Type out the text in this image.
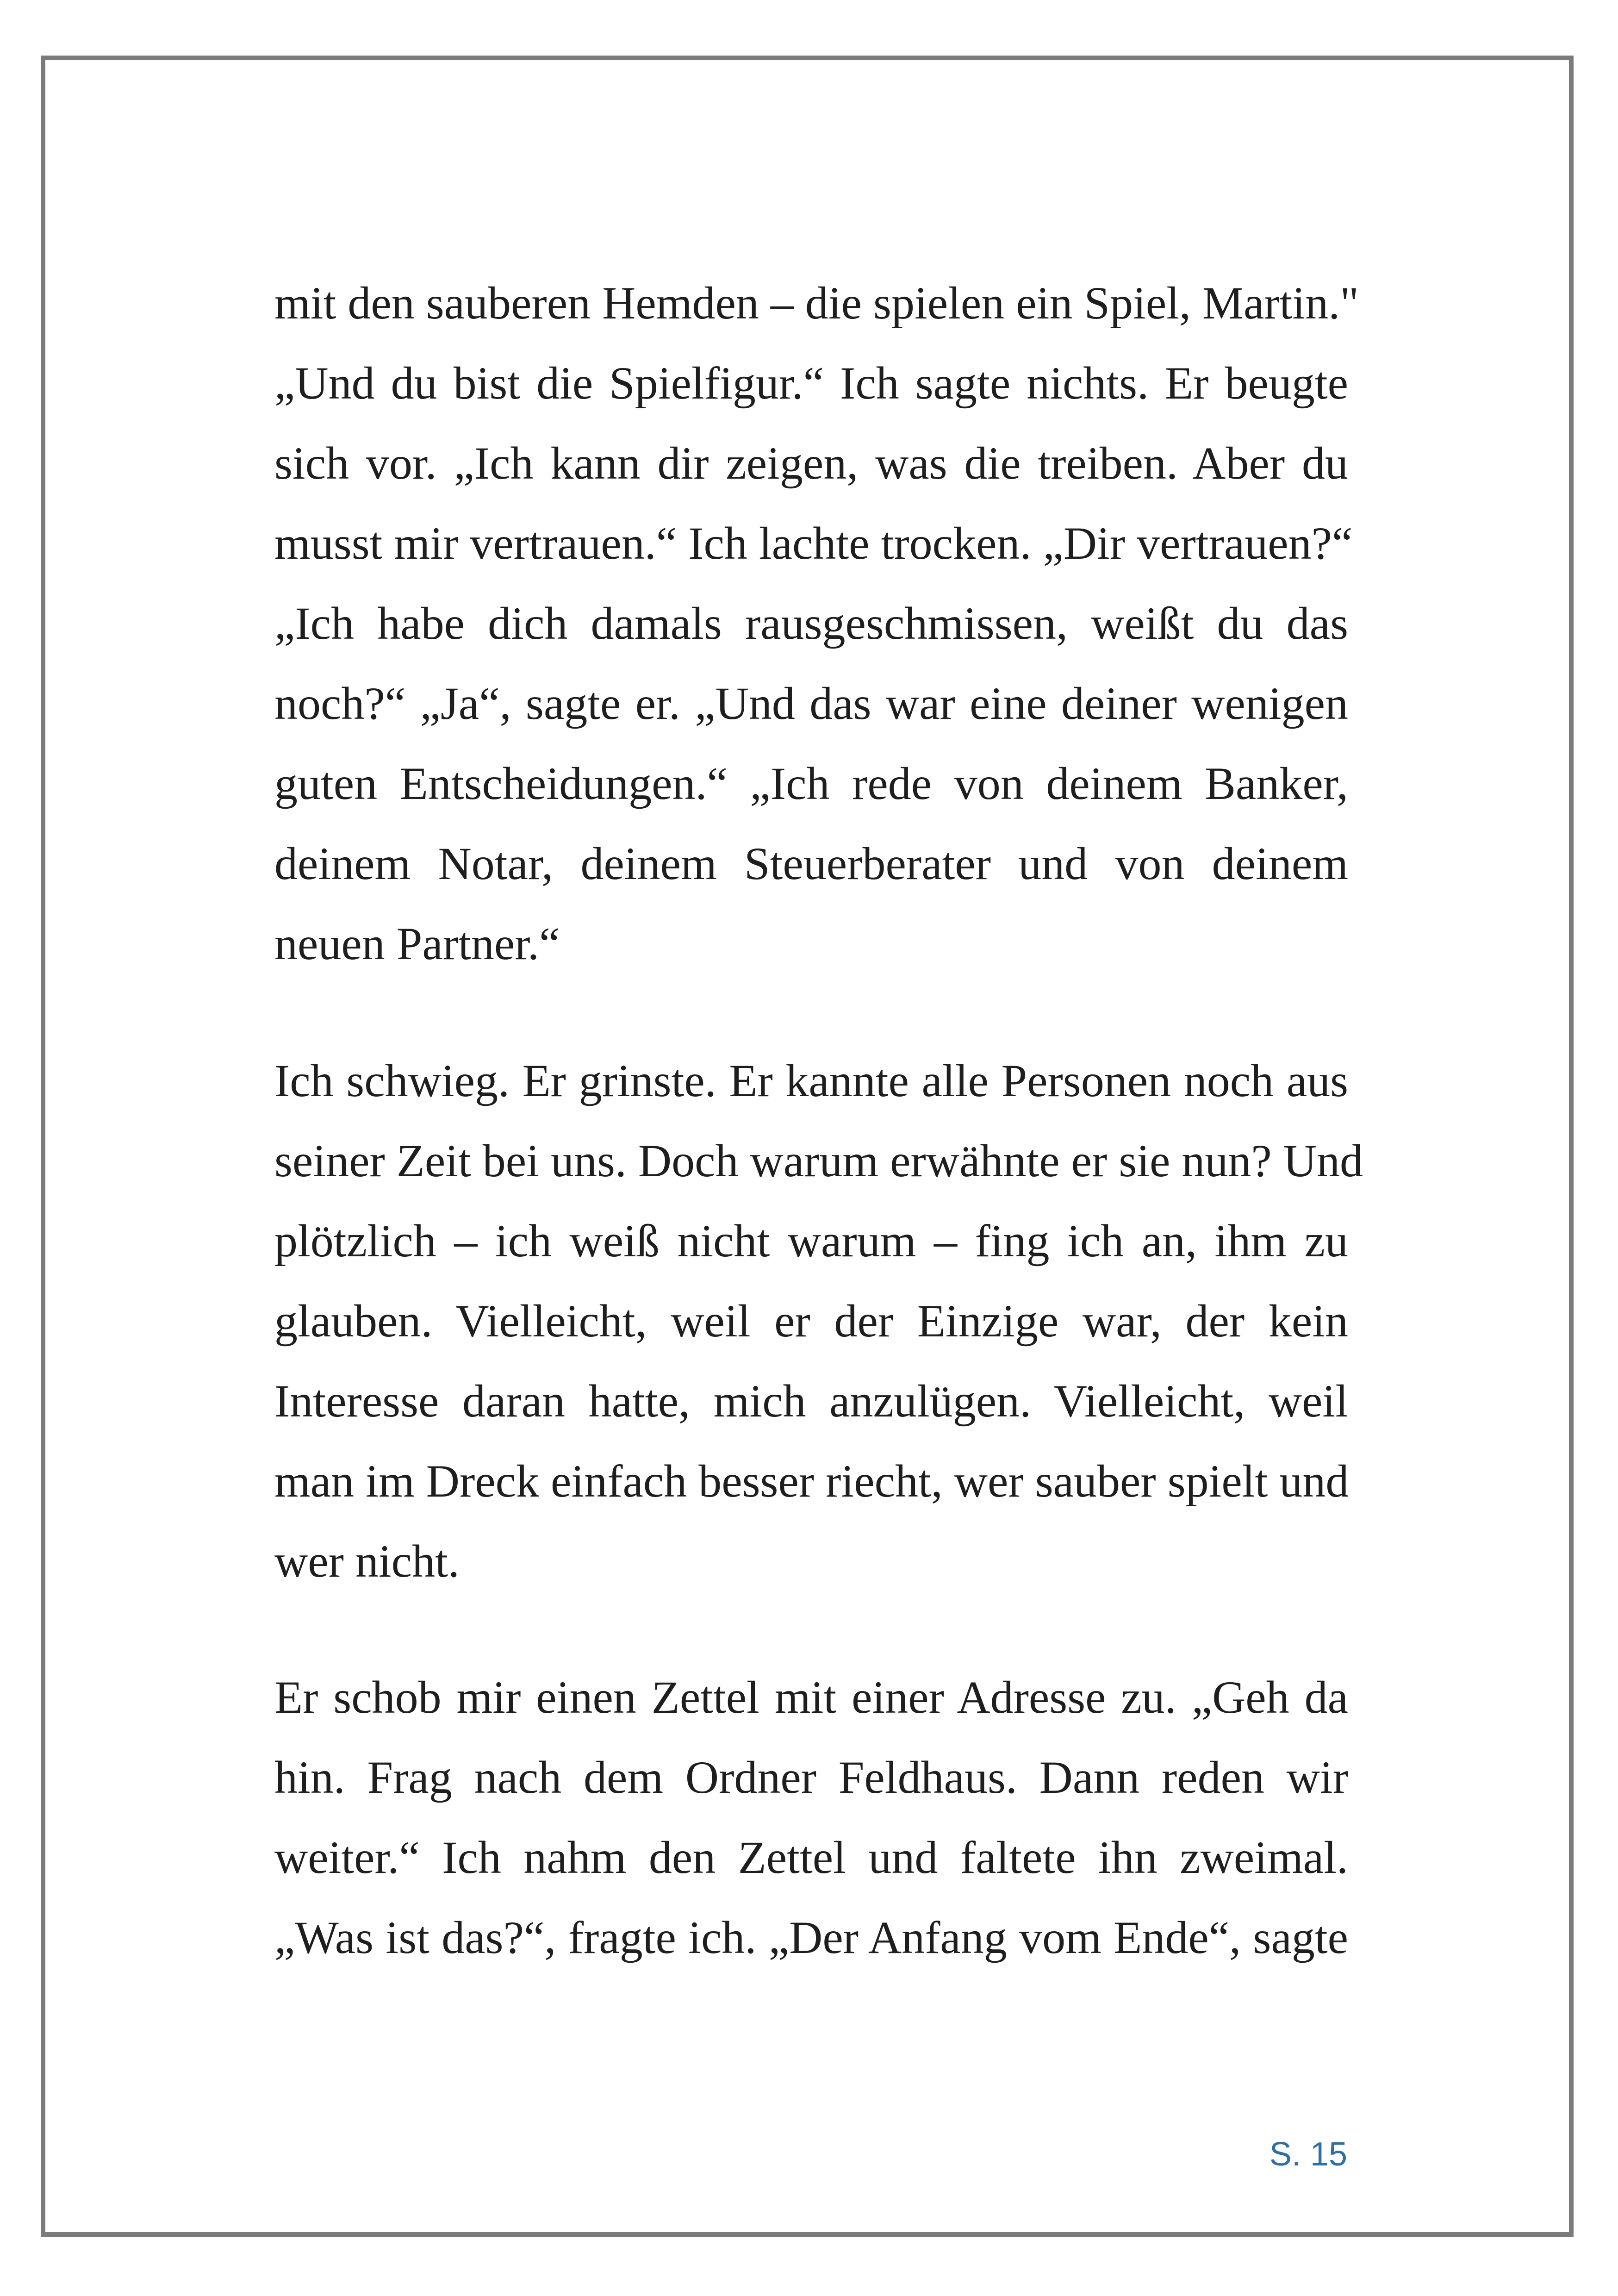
mit den sauberen Hemden – die spielen ein Spiel, Martin."
„Und du bist die Spielfigur.“ Ich sagte nichts. Er beugte
sich vor. „Ich kann dir zeigen, was die treiben. Aber du
musst mir vertrauen.“ Ich lachte trocken. „Dir vertrauen?“
„Ich habe dich damals rausgeschmissen, weißt du das
noch?“ „Ja“, sagte er. „Und das war eine deiner wenigen
guten Entscheidungen.“ „Ich rede von deinem Banker,
deinem Notar, deinem Steuerberater und von deinem
neuen Partner.“
Ich schwieg. Er grinste. Er kannte alle Personen noch aus
seiner Zeit bei uns. Doch warum erwähnte er sie nun? Und
plötzlich – ich weiß nicht warum – fing ich an, ihm zu
glauben. Vielleicht, weil er der Einzige war, der kein
Interesse daran hatte, mich anzulügen. Vielleicht, weil
man im Dreck einfach besser riecht, wer sauber spielt und
wer nicht.
Er schob mir einen Zettel mit einer Adresse zu. „Geh da
hin. Frag nach dem Ordner Feldhaus. Dann reden wir
weiter.“ Ich nahm den Zettel und faltete ihn zweimal.
„Was ist das?“, fragte ich. „Der Anfang vom Ende“, sagte
S. 15
